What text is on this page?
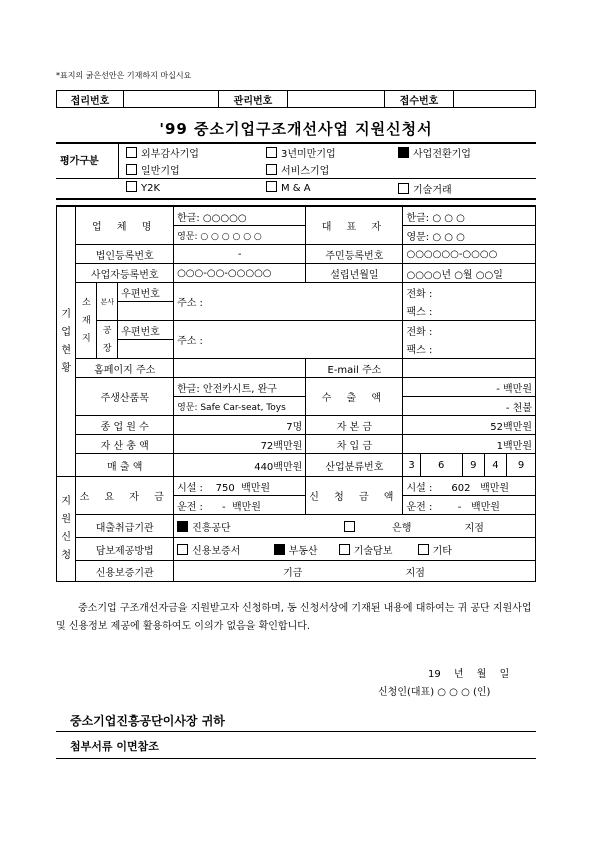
*표지의 굵은선안은 기재하지 마십시요
접리번호		관리번호		접수번호	
'99 중소기업구조개선사업 지원신청서
평가구분
외부감사기업	3년미만기업	사업전환기업
일반기업	서비스기업
Y2K	M & A	기술거래
기업현황	업 체 명			한글: ○○○○○	대 표 자	한글: ○ ○ ○				
				영문: ○ ○ ○ ○ ○ ○		영문: ○ ○ ○				
	법인등록번호			-	주민등록번호	○○○○○○-○○○○				
	사업자등록번호			○○○-○○-○○○○○	설립년월일	○○○○년 ○월 ○○일				
	소재지	본사	우편번호	주소 :		전화 :				
						팩스 :				
		공장	우편번호	주소 :		전화 :				
						팩스 :				
	홈페이지 주소				E-mail 주소					
	주생산품목			한글: 안전카시트, 완구	수 출 액	- 백만원				
				영문: Safe Car-seat, Toys		- 천불				
	종 업 원 수			7명	자 본 금	52백만원				
	자 산 총 액			72백만원	차 입 금	1백만원				
	매 출 액			440백만원	산업분류번호	3	6	9	4	9
지원신청	소 요 자 금			시설 : 750 백만원	신 청 금 액	시설 : 602 백만원				
				운전 : - 백만원		운전 : - 백만원				
	대출취급기관			진흥공단 은행 지점						
	담보제공방법			신용보증서 부동산 기술담보 기타						
	신용보증기관			기금 지점						
중소기업 구조개선자금을 지원받고자 신청하며, 동 신청서상에 기재된 내용에 대하여는 귀 공단 지원사업 및 신용정보 제공에 활용하여도 이의가 없음을 확인합니다.
19 년 월 일
신청인(대표) ○ ○ ○ (인)
중소기업진흥공단이사장 귀하
첨부서류 이면참조
